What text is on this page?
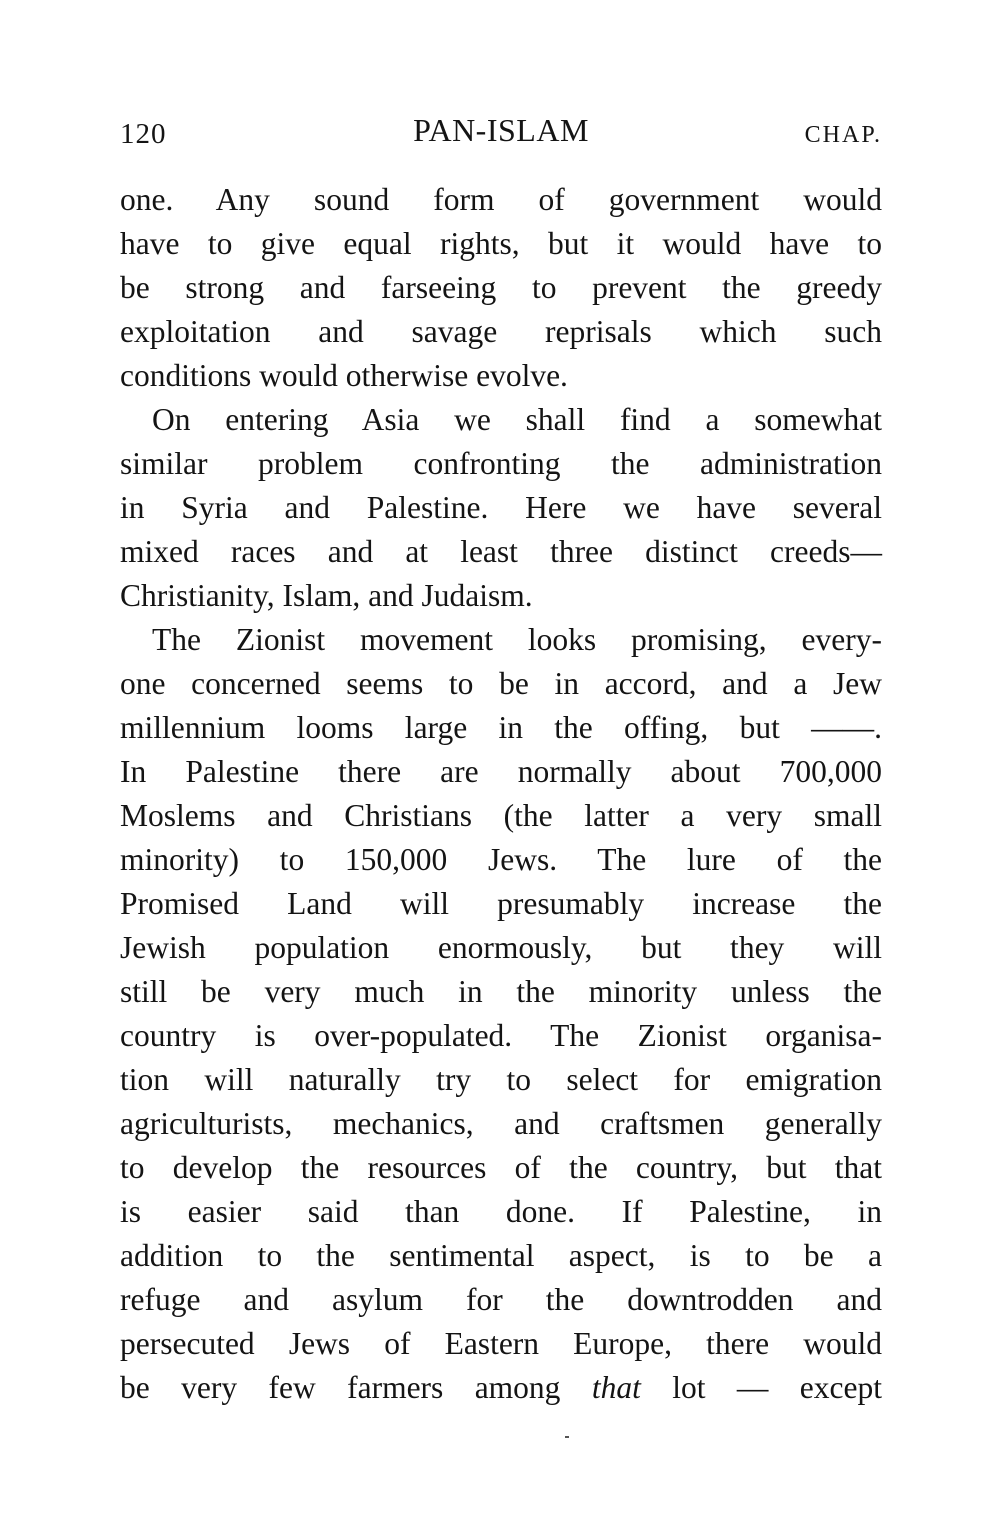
120	PAN-ISLAM	CHAP.
one. Any sound form of government would
have to give equal rights, but it would have to
be strong and farseeing to prevent the greedy
exploitation and savage reprisals which such
conditions would otherwise evolve.
On entering Asia we shall find a somewhat
similar problem confronting the administration
in Syria and Palestine. Here we have several
mixed races and at least three distinct creeds—
Christianity, Islam, and Judaism.
The Zionist movement looks promising, every-
one concerned seems to be in accord, and a Jew
millennium looms large in the offing, but ——.
In Palestine there are normally about 700,000
Moslems and Christians (the latter a very small
minority) to 150,000 Jews. The lure of the
Promised Land will presumably increase the
Jewish population enormously, but they will
still be very much in the minority unless the
country is over-populated. The Zionist organisa-
tion will naturally try to select for emigration
agriculturists, mechanics, and craftsmen generally
to develop the resources of the country, but that
is easier said than done. If Palestine, in
addition to the sentimental aspect, is to be a
refuge and asylum for the downtrodden and
persecuted Jews of Eastern Europe, there would
be very few farmers among that lot — except
